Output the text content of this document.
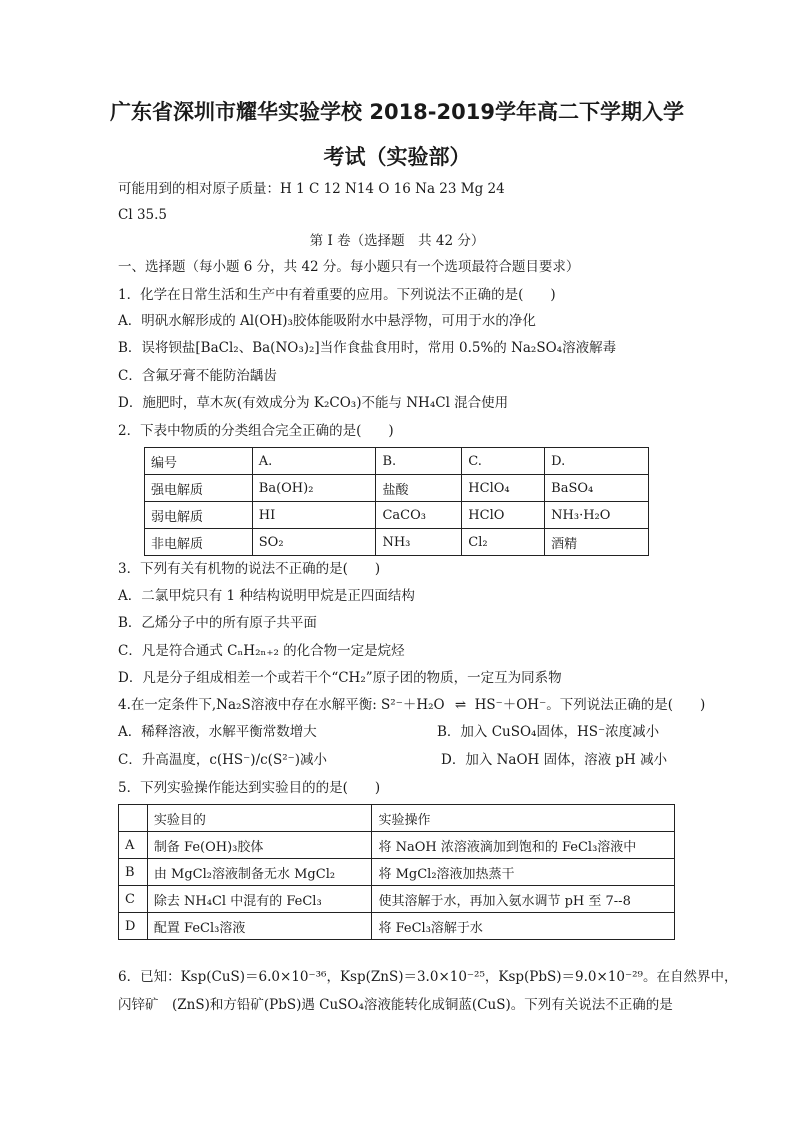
广东省深圳市耀华实验学校 2018-2019学年高二下学期入学
考试（实验部）
可能用到的相对原子质量：H 1 C 12 N14 O 16 Na 23 Mg 24
Cl 35.5
第 I 卷（选择题　共 42 分）
一、选择题（每小题 6 分，共 42 分。每小题只有一个选项最符合题目要求）
1．化学在日常生活和生产中有着重要的应用。下列说法不正确的是(　　)
A．明矾水解形成的 Al(OH)₃胶体能吸附水中悬浮物，可用于水的净化
B．误将钡盐[BaCl₂、Ba(NO₃)₂]当作食盐食用时，常用 0.5%的 Na₂SO₄溶液解毒
C．含氟牙膏不能防治龋齿
D．施肥时，草木灰(有效成分为 K₂CO₃)不能与 NH₄Cl 混合使用
2．下表中物质的分类组合完全正确的是(　　)
编号	A.	B.	C.	D.
强电解质	Ba(OH)₂	盐酸	HClO₄	BaSO₄
弱电解质	HI	CaCO₃	HClO	NH₃·H₂O
非电解质	SO₂	NH₃	Cl₂	酒精
3．下列有关有机物的说法不正确的是(　　)
A．二氯甲烷只有 1 种结构说明甲烷是正四面结构
B．乙烯分子中的所有原子共平面
C．凡是符合通式 CₙH₂ₙ₊₂ 的化合物一定是烷烃
D．凡是分子组成相差一个或若干个“CH₂”原子团的物质，一定互为同系物
4.在一定条件下,Na₂S溶液中存在水解平衡: S²⁻＋H₂O ⇌ HS⁻＋OH⁻。下列说法正确的是(　　)
A．稀释溶液，水解平衡常数增大	B．加入 CuSO₄固体，HS⁻浓度减小
C．升高温度，c(HS⁻)/c(S²⁻)减小	D．加入 NaOH 固体，溶液 pH 减小
5．下列实验操作能达到实验目的的是(　　)
	实验目的	实验操作
A	制备 Fe(OH)₃胶体	将 NaOH 浓溶液滴加到饱和的 FeCl₃溶液中
B	由 MgCl₂溶液制备无水 MgCl₂	将 MgCl₂溶液加热蒸干
C	除去 NH₄Cl 中混有的 FeCl₃	使其溶解于水，再加入氨水调节 pH 至 7--8
D	配置 FeCl₃溶液	将 FeCl₃溶解于水
6．已知：Ksp(CuS)＝6.0×10⁻³⁶，Ksp(ZnS)＝3.0×10⁻²⁵，Ksp(PbS)＝9.0×10⁻²⁹。在自然界中，
闪锌矿　(ZnS)和方铅矿(PbS)遇 CuSO₄溶液能转化成铜蓝(CuS)。下列有关说法不正确的是
